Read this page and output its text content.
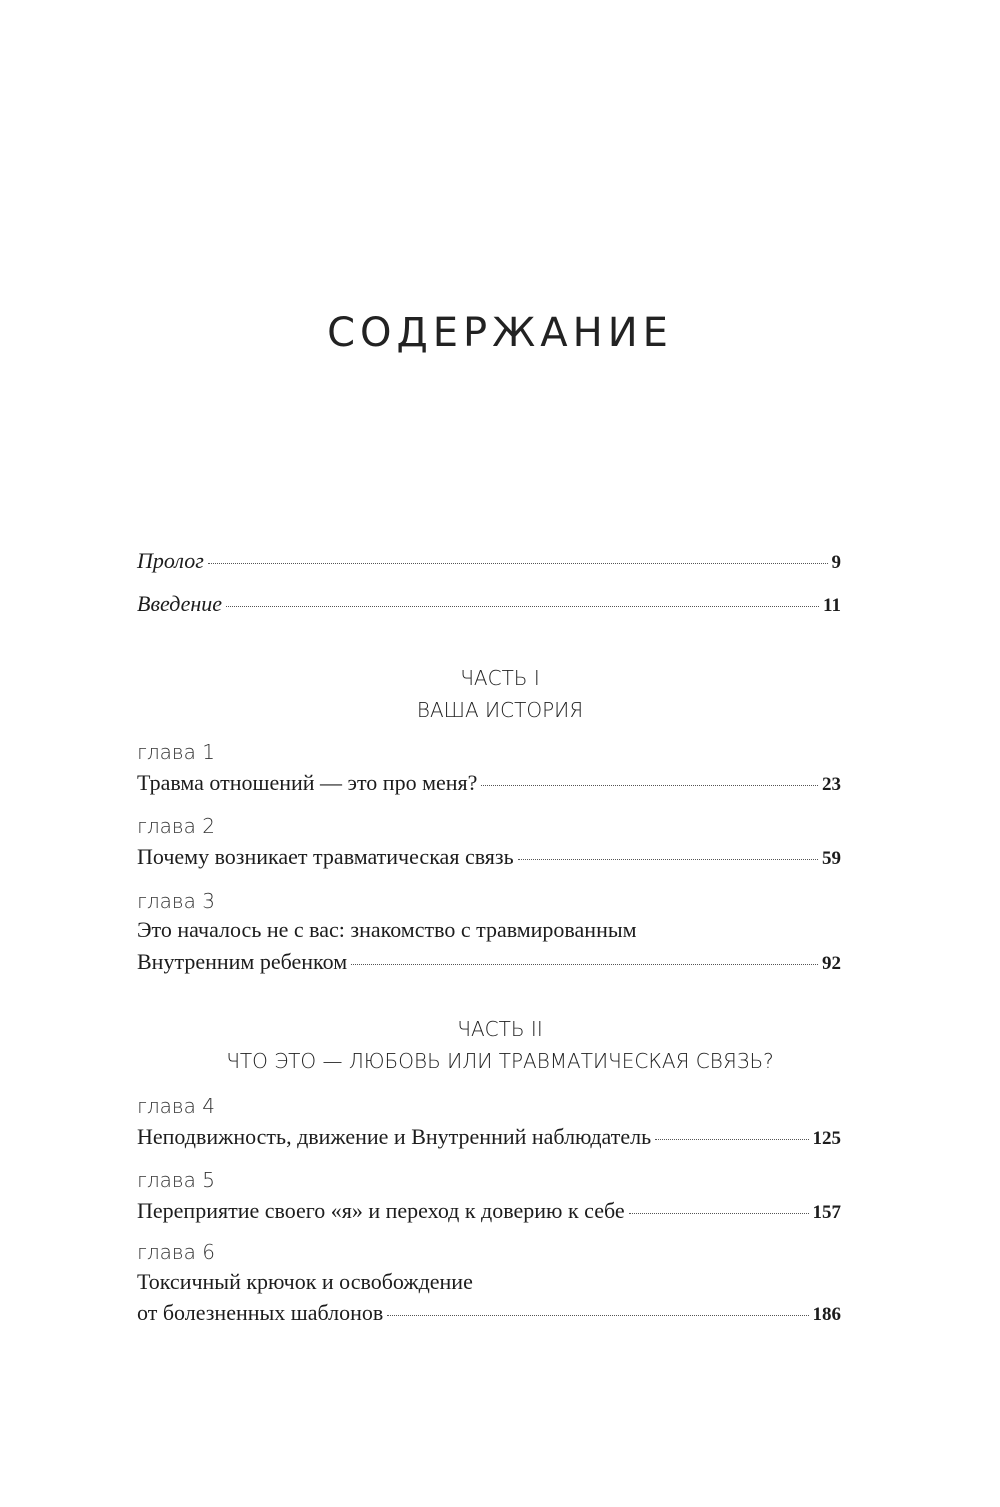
СОДЕРЖАНИЕ
Пролог	9
Введение	11
ЧАСТЬ I
ВАША ИСТОРИЯ
глава 1
Травма отношений — это про меня?	23
глава 2
Почему возникает травматическая связь	59
глава 3
Это началось не с вас: знакомство с травмированным
Внутренним ребенком	92
ЧАСТЬ II
ЧТО ЭТО — ЛЮБОВЬ ИЛИ ТРАВМАТИЧЕСКАЯ СВЯЗЬ?
глава 4
Неподвижность, движение и Внутренний наблюдатель	125
глава 5
Переприятие своего «я» и переход к доверию к себе	157
глава 6
Токсичный крючок и освобождение
от болезненных шаблонов	186
